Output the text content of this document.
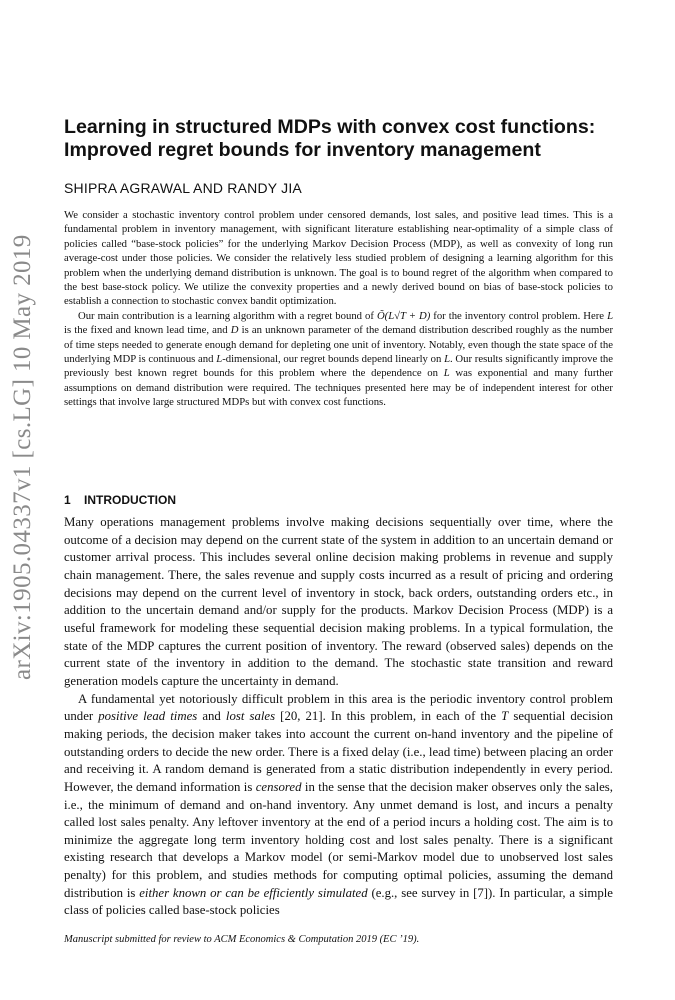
arXiv:1905.04337v1 [cs.LG] 10 May 2019
Learning in structured MDPs with convex cost functions:
Improved regret bounds for inventory management

SHIPRA AGRAWAL AND RANDY JIA

We consider a stochastic inventory control problem under censored demands, lost sales, and positive lead times. This is a fundamental problem in inventory management, with significant literature establishing near-optimality of a simple class of policies called “base-stock policies” for the underlying Markov Decision Process (MDP), as well as convexity of long run average-cost under those policies. We consider the relatively less studied problem of designing a learning algorithm for this problem when the underlying demand distribution is unknown. The goal is to bound regret of the algorithm when compared to the best base-stock policy. We utilize the convexity properties and a newly derived bound on bias of base-stock policies to establish a connection to stochastic convex bandit optimization.

Our main contribution is a learning algorithm with a regret bound of Õ(L√T + D) for the inventory control problem. Here L is the fixed and known lead time, and D is an unknown parameter of the demand distribution described roughly as the number of time steps needed to generate enough demand for depleting one unit of inventory. Notably, even though the state space of the underlying MDP is continuous and L-dimensional, our regret bounds depend linearly on L. Our results significantly improve the previously best known regret bounds for this problem where the dependence on L was exponential and many further assumptions on demand distribution were required. The techniques presented here may be of independent interest for other settings that involve large structured MDPs but with convex cost functions.

1 INTRODUCTION

Many operations management problems involve making decisions sequentially over time, where the outcome of a decision may depend on the current state of the system in addition to an uncertain demand or customer arrival process. This includes several online decision making problems in revenue and supply chain management. There, the sales revenue and supply costs incurred as a result of pricing and ordering decisions may depend on the current level of inventory in stock, back orders, outstanding orders etc., in addition to the uncertain demand and/or supply for the products. Markov Decision Process (MDP) is a useful framework for modeling these sequential decision making problems. In a typical formulation, the state of the MDP captures the current position of inventory. The reward (observed sales) depends on the current state of the inventory in addition to the demand. The stochastic state transition and reward generation models capture the uncertainty in demand.

A fundamental yet notoriously difficult problem in this area is the periodic inventory control problem under positive lead times and lost sales [20, 21]. In this problem, in each of the T sequential decision making periods, the decision maker takes into account the current on-hand inventory and the pipeline of outstanding orders to decide the new order. There is a fixed delay (i.e., lead time) between placing an order and receiving it. A random demand is generated from a static distribution independently in every period. However, the demand information is censored in the sense that the decision maker observes only the sales, i.e., the minimum of demand and on-hand inventory. Any unmet demand is lost, and incurs a penalty called lost sales penalty. Any leftover inventory at the end of a period incurs a holding cost. The aim is to minimize the aggregate long term inventory holding cost and lost sales penalty. There is a significant existing research that develops a Markov model (or semi-Markov model due to unobserved lost sales penalty) for this problem, and studies methods for computing optimal policies, assuming the demand distribution is either known or can be efficiently simulated (e.g., see survey in [7]). In particular, a simple class of policies called base-stock policies

Manuscript submitted for review to ACM Economics & Computation 2019 (EC ’19).
